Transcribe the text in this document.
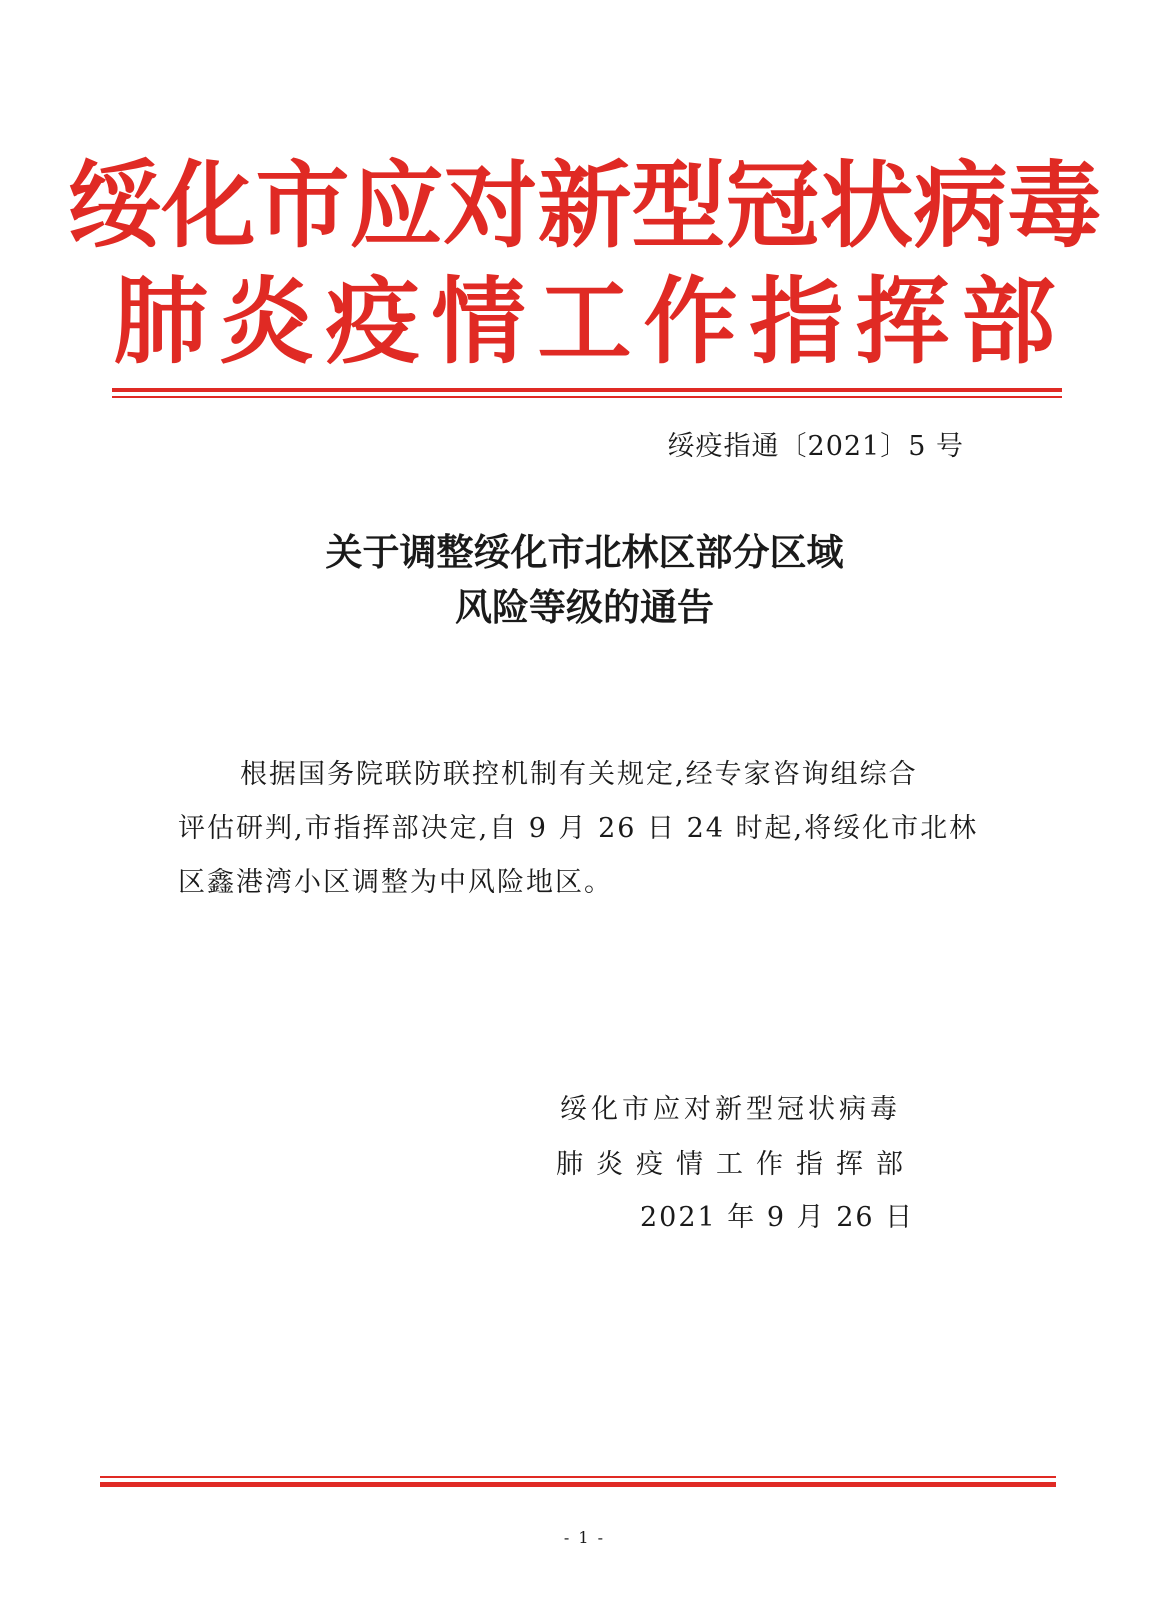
绥化市应对新型冠状病毒
肺炎疫情工作指挥部
绥疫指通〔2021〕5 号
关于调整绥化市北林区部分区域
风险等级的通告
根据国务院联防联控机制有关规定,经专家咨询组综合
评估研判,市指挥部决定,自 9 月 26 日 24 时起,将绥化市北林
区鑫港湾小区调整为中风险地区。
绥化市应对新型冠状病毒
肺炎疫情工作指挥部
2021 年 9 月 26 日
- 1 -
